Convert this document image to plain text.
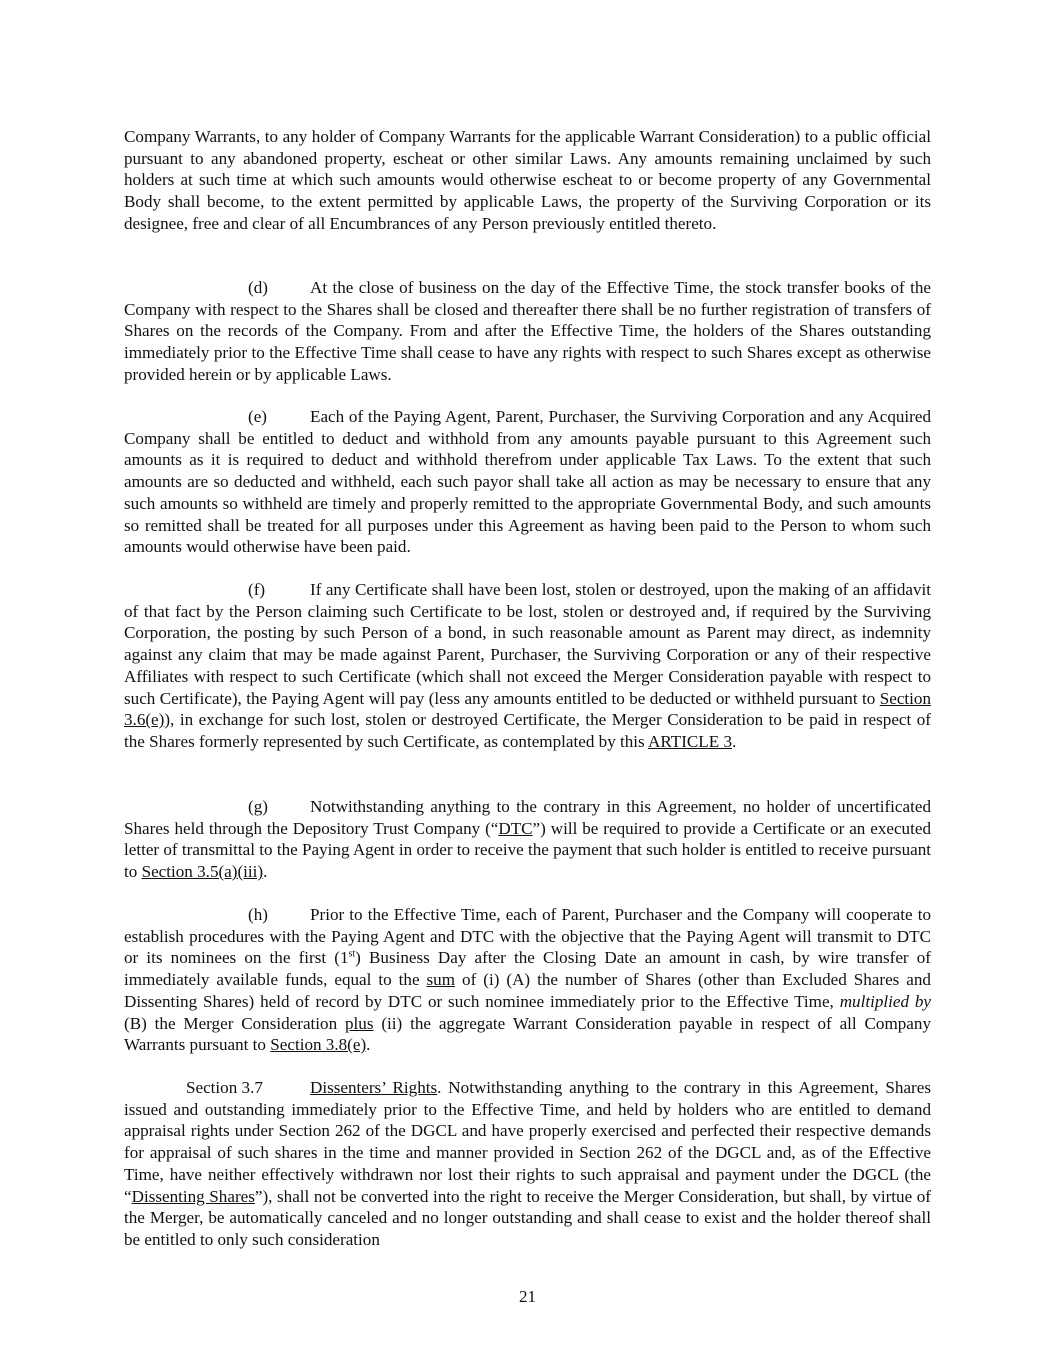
Company Warrants, to any holder of Company Warrants for the applicable Warrant Consideration) to a public official pursuant to any abandoned property, escheat or other similar Laws. Any amounts remaining unclaimed by such holders at such time at which such amounts would otherwise escheat to or become property of any Governmental Body shall become, to the extent permitted by applicable Laws, the property of the Surviving Corporation or its designee, free and clear of all Encumbrances of any Person previously entitled thereto.

(d) At the close of business on the day of the Effective Time, the stock transfer books of the Company with respect to the Shares shall be closed and thereafter there shall be no further registration of transfers of Shares on the records of the Company. From and after the Effective Time, the holders of the Shares outstanding immediately prior to the Effective Time shall cease to have any rights with respect to such Shares except as otherwise provided herein or by applicable Laws.

(e)	Each of the Paying Agent, Parent, Purchaser, the Surviving Corporation and any Acquired Company shall be entitled to deduct and withhold from any amounts payable pursuant to this Agreement such amounts as it is required to deduct and withhold therefrom under applicable Tax Laws. To the extent that such amounts are so deducted and withheld, each such payor shall take all action as may be necessary to ensure that any such amounts so withheld are timely and properly remitted to the appropriate Governmental Body, and such amounts so remitted shall be treated for all purposes under this Agreement as having been paid to the Person to whom such amounts would otherwise have been paid.

(f)	If any Certificate shall have been lost, stolen or destroyed, upon the making of an affidavit of that fact by the Person claiming such Certificate to be lost, stolen or destroyed and, if required by the Surviving Corporation, the posting by such Person of a bond, in such reasonable amount as Parent may direct, as indemnity against any claim that may be made against Parent, Purchaser, the Surviving Corporation or any of their respective Affiliates with respect to such Certificate (which shall not exceed the Merger Consideration payable with respect to such Certificate), the Paying Agent will pay (less any amounts entitled to be deducted or withheld pursuant to Section 3.6(e)), in exchange for such lost, stolen or destroyed Certificate, the Merger Consideration to be paid in respect of the Shares formerly represented by such Certificate, as contemplated by this ARTICLE 3.

(g) Notwithstanding anything to the contrary in this Agreement, no holder of uncertificated Shares held through the Depository Trust Company (“DTC”) will be required to provide a Certificate or an executed letter of transmittal to the Paying Agent in order to receive the payment that such holder is entitled to receive pursuant to Section 3.5(a)(iii).

(h) Prior to the Effective Time, each of Parent, Purchaser and the Company will cooperate to establish procedures with the Paying Agent and DTC with the objective that the Paying Agent will transmit to DTC or its nominees on the first (1st) Business Day after the Closing Date an amount in cash, by wire transfer of immediately available funds, equal to the sum of (i) (A) the number of Shares (other than Excluded Shares and Dissenting Shares) held of record by DTC or such nominee immediately prior to the Effective Time, multiplied by (B) the Merger Consideration plus (ii) the aggregate Warrant Consideration payable in respect of all Company Warrants pursuant to Section 3.8(e).

Section 3.7	Dissenters’ Rights. Notwithstanding anything to the contrary in this Agreement, Shares issued and outstanding immediately prior to the Effective Time, and held by holders who are entitled to demand appraisal rights under Section 262 of the DGCL and have properly exercised and perfected their respective demands for appraisal of such shares in the time and manner provided in Section 262 of the DGCL and, as of the Effective Time, have neither effectively withdrawn nor lost their rights to such appraisal and payment under the DGCL (the “Dissenting Shares”), shall not be converted into the right to receive the Merger Consideration, but shall, by virtue of the Merger, be automatically canceled and no longer outstanding and shall cease to exist and the holder thereof shall be entitled to only such consideration

21
